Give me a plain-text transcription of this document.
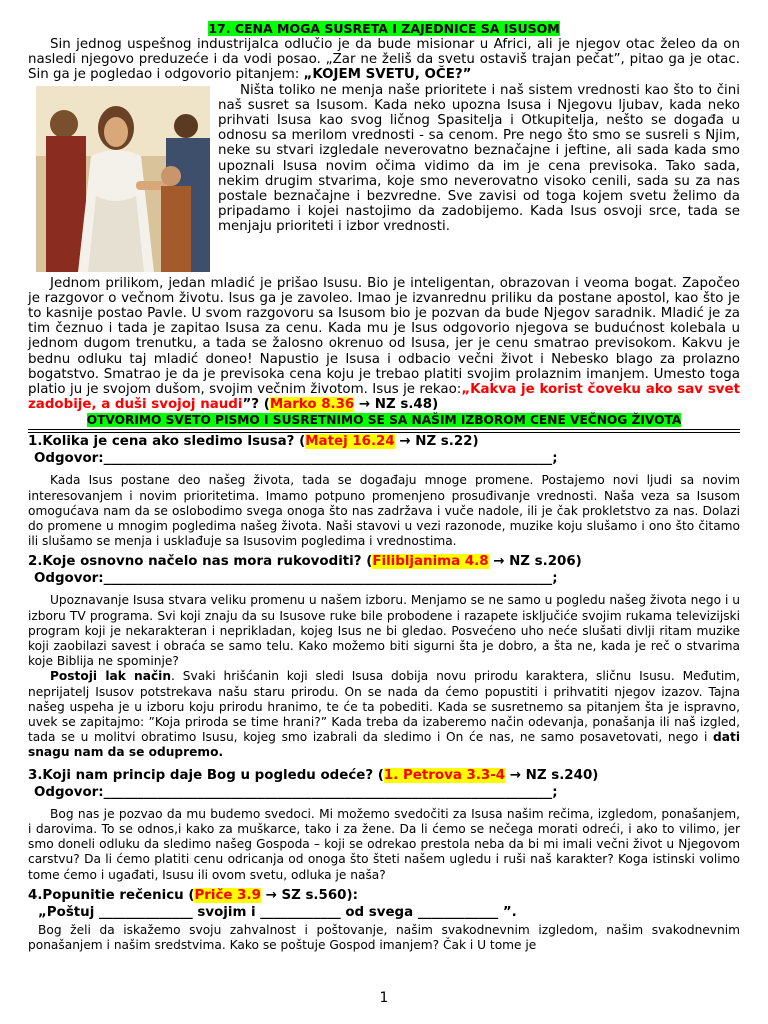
17. CENA MOGA SUSRETA I ZAJEDNICE SA ISUSOM

Sin jednog uspešnog industrijalca odlučio je da bude misionar u Africi, ali je njegov otac želeo da on nasledi njegovo preduzeće i da vodi posao. „Zar ne želiš da svetu ostaviš trajan pečat”, pitao ga je otac. Sin ga je pogledao i odgovorio pitanjem: „KOJEM SVETU, OČE?”

Ništa toliko ne menja naše prioritete i naš sistem vrednosti kao što to čini naš susret sa Isusom. Kada neko upozna Isusa i Njegovu ljubav, kada neko prihvati Isusa kao svog ličnog Spasitelja i Otkupitelja, nešto se događa u odnosu sa merilom vrednosti - sa cenom. Pre nego što smo se susreli s Njim, neke su stvari izgledale neverovatno beznačajne i jeftine, ali sada kada smo upoznali Isusa novim očima vidimo da im je cena previsoka. Tako sada, nekim drugim stvarima, koje smo neverovatno visoko cenili, sada su za nas postale beznačajne i bezvredne. Sve zavisi od toga kojem svetu želimo da pripadamo i kojei nastojimo da zadobijemo. Kada Isus osvoji srce, tada se menjaju prioriteti i izbor vrednosti.

Jednom prilikom, jedan mladić je prišao Isusu. Bio je inteligentan, obrazovan i veoma bogat. Započeo je razgovor o večnom životu. Isus ga je zavoleo. Imao je izvanrednu priliku da postane apostol, kao što je to kasnije postao Pavle. U svom razgovoru sa Isusom bio je pozvan da bude Njegov saradnik. Mladić je za tim čeznuo i tada je zapitao Isusa za cenu. Kada mu je Isus odgovorio njegova se budućnost kolebala u jednom dugom trenutku, a tada se žalosno okrenuo od Isusa, jer je cenu smatrao previsokom. Kakvu je bednu odluku taj mladić doneo! Napustio je Isusa i odbacio večni život i Nebesko blago za prolazno bogatstvo. Smatrao je da je previsoka cena koju je trebao platiti svojim prolaznim imanjem. Umesto toga platio ju je svojom dušom, svojim večnim životom. Isus je rekao:„Kakva je korist čoveku ako sav svet zadobije, a duši svojoj naudi”? (Marko 8.36 → NZ s.48)

OTVORIMO SVETO PISMO I SUSRETNIMO SE SA NAŠIM IZBOROM CENE VEČNOG ŽIVOTA

1.Kolika je cena ako sledimo Isusa? (Matej 16.24 → NZ s.22)

Odgovor:___________________________________________________________________;

Kada Isus postane deo našeg života, tada se događaju mnoge promene. Postajemo novi ljudi sa novim interesovanjem i novim prioritetima. Imamo potpuno promenjeno prosuđivanje vrednosti. Naša veza sa Isusom omogućava nam da se oslobodimo svega onoga što nas zadržava i vuče nadole, ili je čak prokletstvo za nas. Dolazi do promene u mnogim pogledima našeg života. Naši stavovi u vezi razonode, muzike koju slušamo i ono što čitamo ili slušamo se menja i usklađuje sa Isusovim pogledima i vrednostima.

2.Koje osnovno načelo nas mora rukovoditi? (Filibljanima 4.8 → NZ s.206)

Odgovor:___________________________________________________________________;

Upoznavanje Isusa stvara veliku promenu u našem izboru. Menjamo se ne samo u pogledu našeg života nego i u izboru TV programa. Svi koji znaju da su Isusove ruke bile probodene i razapete isključiće svojim rukama televizijski program koji je nekarakteran i neprikladan, kojeg Isus ne bi gledao. Posvećeno uho neće slušati divlji ritam muzike koji zaobilazi savest i obraća se samo telu. Kako možemo biti sigurni šta je dobro, a šta ne, kada je reč o stvarima koje Biblija ne spominje?

Postoji lak način. Svaki hrišćanin koji sledi Isusa dobija novu prirodu karaktera, sličnu Isusu. Međutim, neprijatelj Isusov potstrekava našu staru prirodu. On se nada da ćemo popustiti i prihvatiti njegov izazov. Tajna našeg uspeha je u izboru koju prirodu hranimo, te će ta pobediti. Kada se susretnemo sa pitanjem šta je ispravno, uvek se zapitajmo: ”Koja priroda se time hrani?” Kada treba da izaberemo način odevanja, ponašanja ili naš izgled, tada se u molitvi obratimo Isusu, kojeg smo izabrali da sledimo i On će nas, ne samo posavetovati, nego i dati snagu nam da se odupremo.

3.Koji nam princip daje Bog u pogledu odeće? (1. Petrova 3.3-4 → NZ s.240)

Odgovor:___________________________________________________________________;

Bog nas je pozvao da mu budemo svedoci. Mi možemo svedočiti za Isusa našim rečima, izgledom, ponašanjem, i darovima. To se odnos,i kako za muškarce, tako i za žene. Da li ćemo se nečega morati odreći, i ako to vilimo, jer smo doneli odluku da sledimo našeg Gospoda – koji se odrekao prestola neba da bi mi imali večni život u Njegovom carstvu? Da li ćemo platiti cenu odricanja od onoga što šteti našem ugledu i ruši naš karakter? Koga istinski volimo tome ćemo i ugađati, Isusu ili ovom svetu, odluka je naša?

4.Popunitie rečenicu (Priče 3.9 → SZ s.560):

„Poštuj ______________ svojim i ____________ od svega ____________ ”.

Bog želi da iskažemo svoju zahvalnost i poštovanje, našim svakodnevnim izgledom, našim svakodnevnim ponašanjem i našim sredstvima. Kako se poštuje Gospod imanjem? Čak i U tome je

1
